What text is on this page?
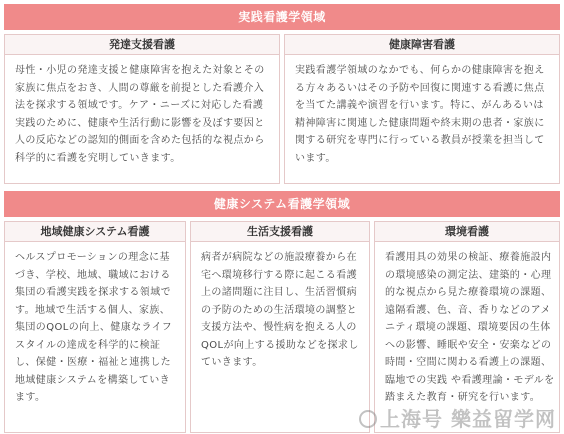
実践看護学領域
発達支援看護
母性・小児の発達支援と健康障害を抱えた対象とその
家族に焦点をおき、人間の尊厳を前提とした看護介入
法を探求する領域です。ケア・ニーズに対応した看護
実践のために、健康や生活行動に影響を及ぼす要因と
人の反応などの認知的側面を含めた包括的な視点から
科学的に看護を究明していきます。
健康障害看護
実践看護学領域のなかでも、何らかの健康障害を抱え
る方々あるいはその予防や回復に関連する看護に焦点
を当てた講義や演習を行います。特に、がんあるいは
精神障害に関連した健康問題や終末期の患者・家族に
関する研究を専門に行っている教員が授業を担当して
います。
健康システム看護学領域
地域健康システム看護
ヘルスプロモーションの理念に基
づき、学校、地域、職域における
集団の看護実践を探求する領域で
す。地域で生活する個人、家族、
集団のQOLの向上、健康なライフ
スタイルの達成を科学的に検証
し、保健・医療・福祉と連携した
地域健康システムを構築していき
ます。
生活支援看護
病者が病院などの施設療養から在
宅へ環境移行する際に起こる看護
上の諸問題に注目し、生活習慣病
の予防のための生活環境の調整と
支援方法や、慢性病を抱える人の
QOLが向上する援助などを探求し
ていきます。
環境看護
看護用具の効果の検証、療養施設内
の環境感染の測定法、建築的・心理
的な視点から見た療養環境の課題、
遠隔看護、色、音、香りなどのアメ
ニティ環境の課題、環境要因の生体
への影響、睡眠や安全・安楽などの
時間・空間に関わる看護上の課題、
臨地での実践 や看護理論・モデルを
踏まえた教育・研究を行います。
上海号 樂益留学网
